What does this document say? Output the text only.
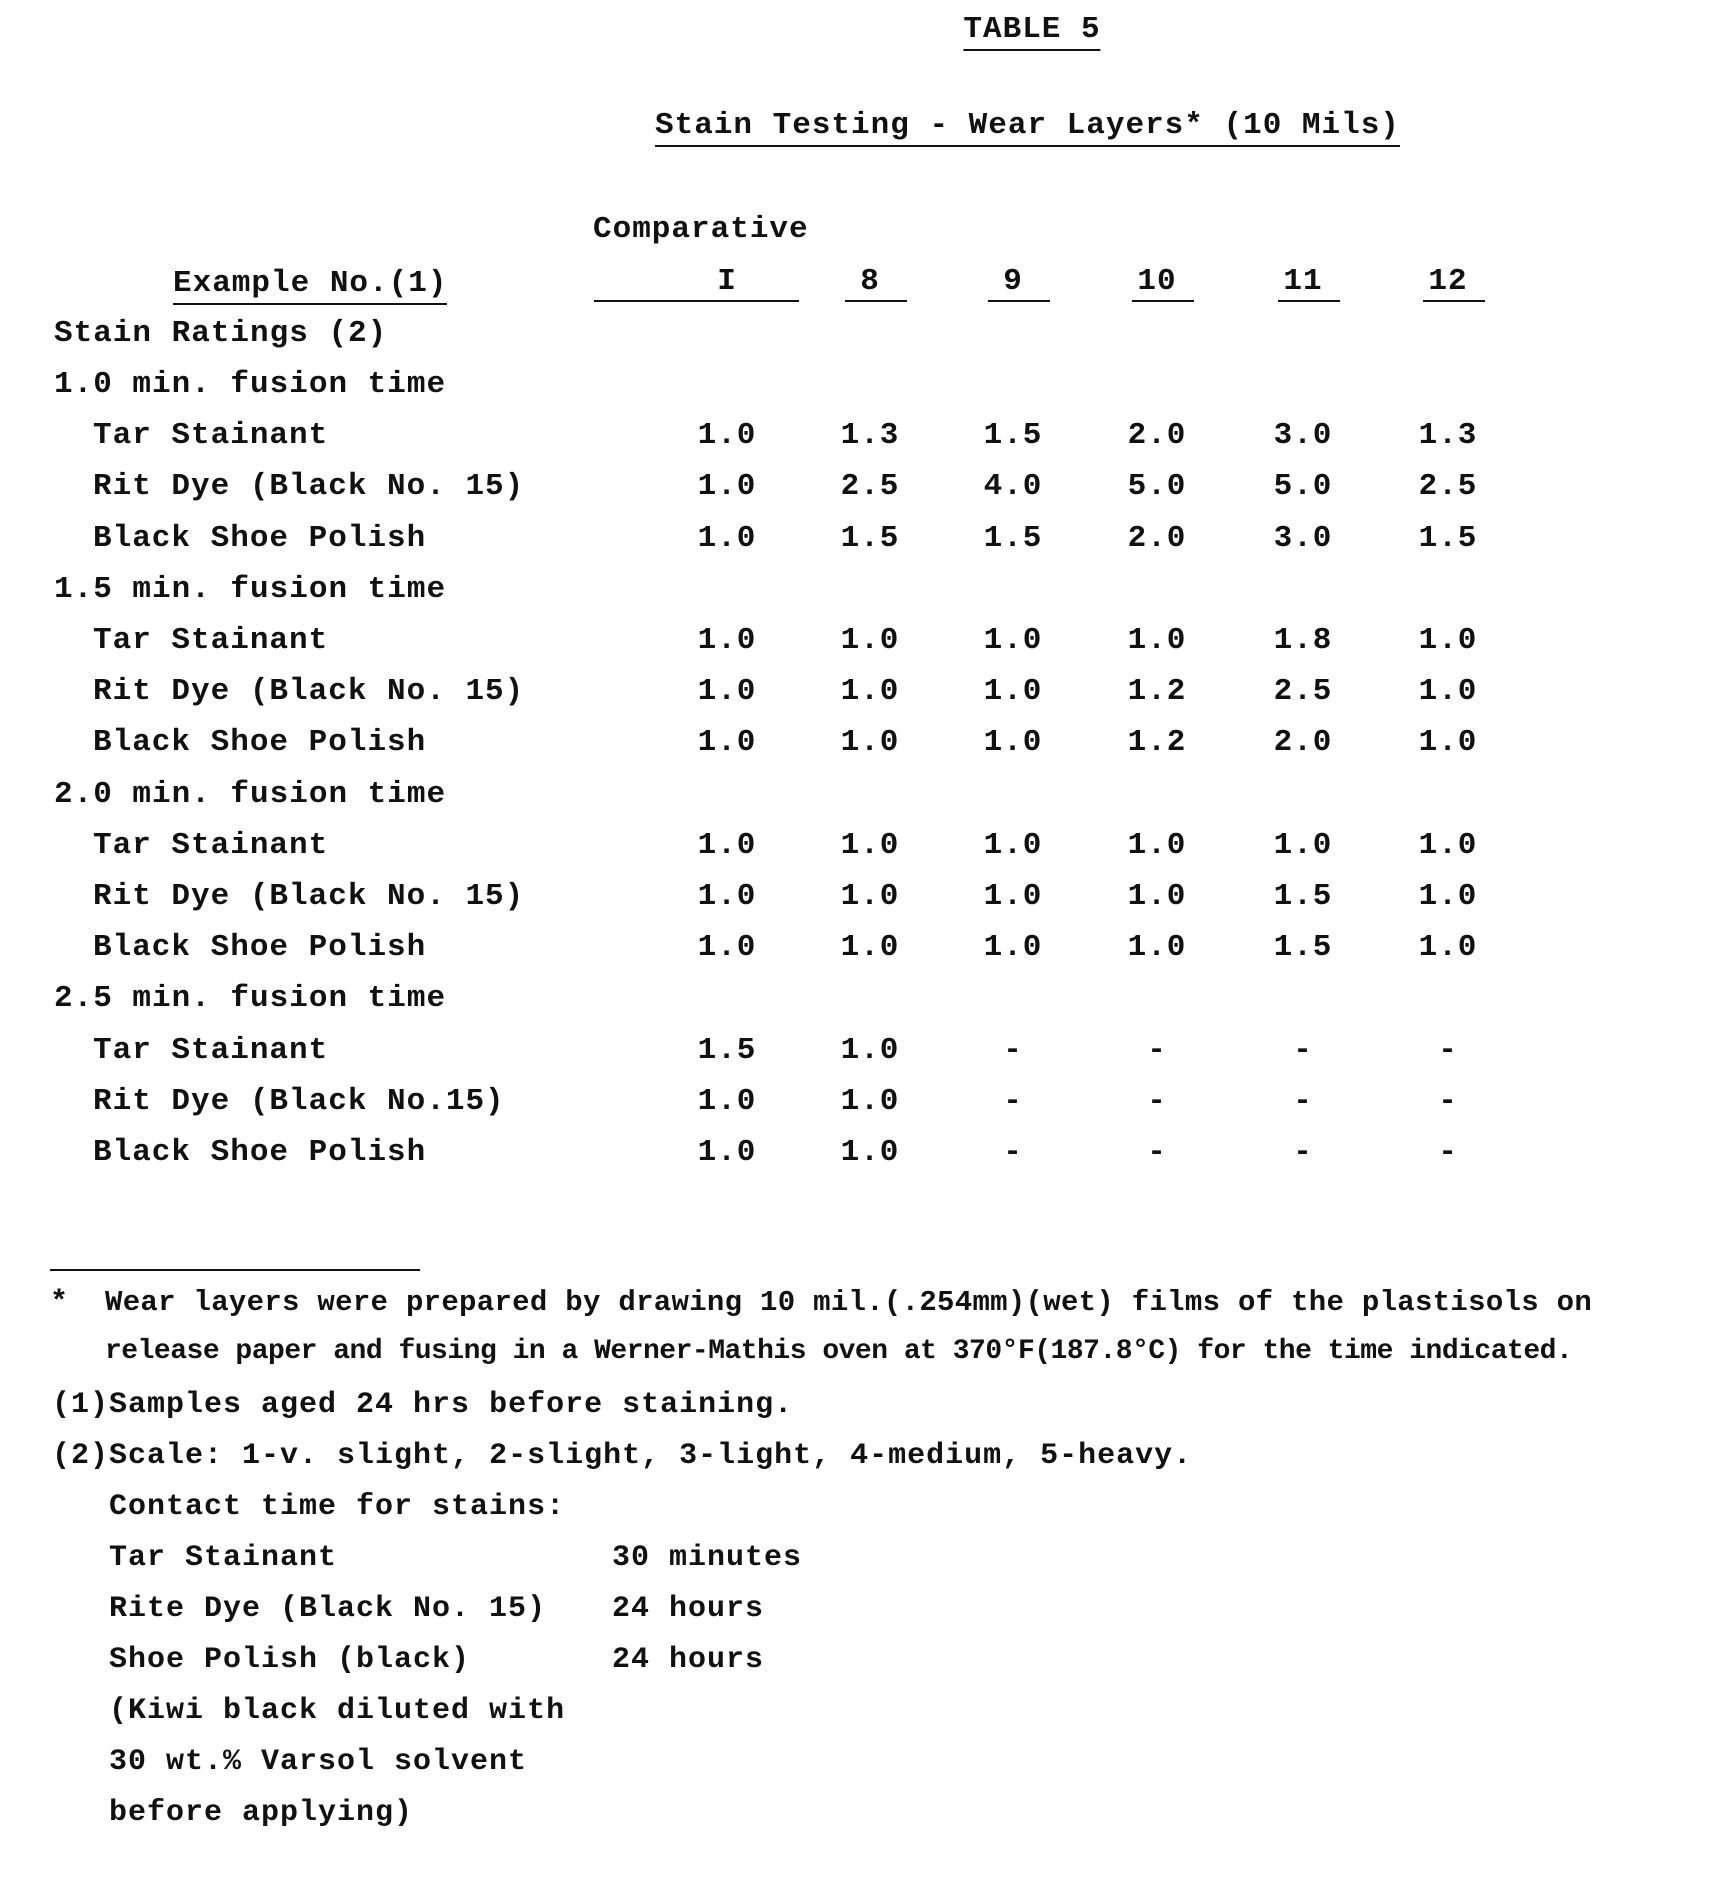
TABLE 5
Stain Testing - Wear Layers* (10 Mils)
Comparative
Example No.(1)	I	8	9	10	11	12
Stain Ratings (2)
1.0 min. fusion time
Tar Stainant	1.0	1.3	1.5	2.0	3.0	1.3
Rit Dye (Black No. 15)	1.0	2.5	4.0	5.0	5.0	2.5
Black Shoe Polish	1.0	1.5	1.5	2.0	3.0	1.5
1.5 min. fusion time
Tar Stainant	1.0	1.0	1.0	1.0	1.8	1.0
Rit Dye (Black No. 15)	1.0	1.0	1.0	1.2	2.5	1.0
Black Shoe Polish	1.0	1.0	1.0	1.2	2.0	1.0
2.0 min. fusion time
Tar Stainant	1.0	1.0	1.0	1.0	1.0	1.0
Rit Dye (Black No. 15)	1.0	1.0	1.0	1.0	1.5	1.0
Black Shoe Polish	1.0	1.0	1.0	1.0	1.5	1.0
2.5 min. fusion time
Tar Stainant	1.5	1.0	-	-	-	-
Rit Dye (Black No.15)	1.0	1.0	-	-	-	-
Black Shoe Polish	1.0	1.0	-	-	-	-
* Wear layers were prepared by drawing 10 mil.(.254mm)(wet) films of the plastisols on
release paper and fusing in a Werner-Mathis oven at 370°F(187.8°C) for the time indicated.
(1)Samples aged 24 hrs before staining.
(2)Scale: 1-v. slight, 2-slight, 3-light, 4-medium, 5-heavy.
Contact time for stains:
Tar Stainant	30 minutes
Rite Dye (Black No. 15) 24 hours
Shoe Polish (black)	24 hours
(Kiwi black diluted with
30 wt.% Varsol solvent
before applying)
